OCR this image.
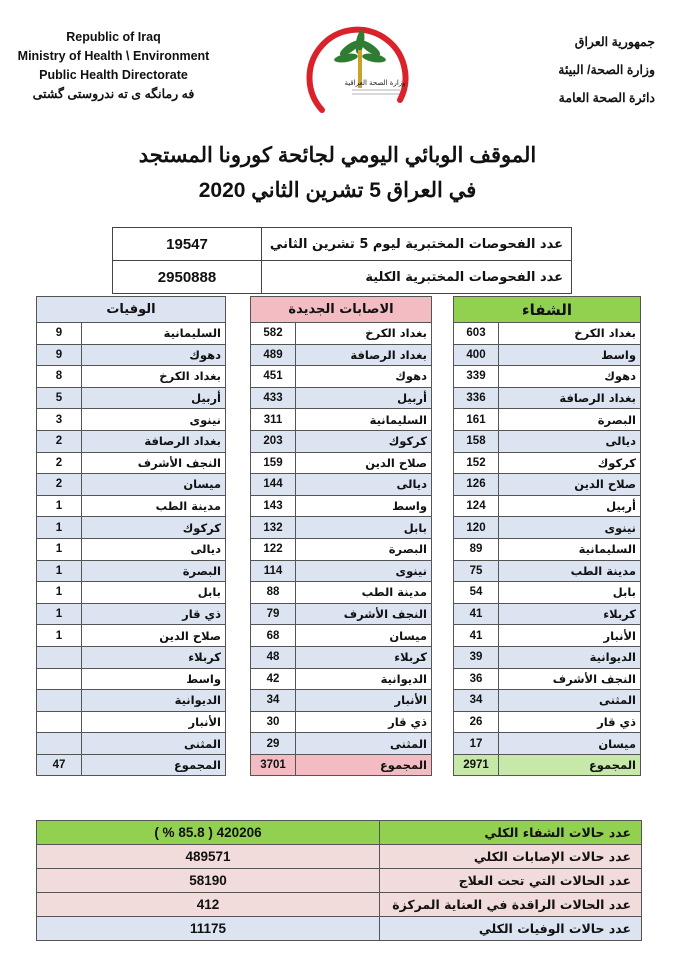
Republic of Iraq
Ministry of Health \ Environment
Public Health Directorate
فه رمانگه ى ته ندروستى گشتى
جمهورية العراق
وزارة الصحة/ البيئة
دائرة الصحة العامة
وزارة الصحة العراقية
الموقف الوبائي اليومي لجائحة كورونا المستجد
في العراق 5 تشرين الثاني 2020
عدد الفحوصات المختبرية ليوم 5 تشرين الثاني	19547
عدد الفحوصات المختبرية الكلية	2950888
الشفاء	
بغداد الكرخ	603
واسط	400
دهوك	339
بغداد الرصافة	336
البصرة	161
ديالى	158
كركوك	152
صلاح الدين	126
أربيل	124
نينوى	120
السليمانية	89
مدينة الطب	75
بابل	54
كربلاء	41
الأنبار	41
الديوانية	39
النجف الأشرف	36
المثنى	34
ذي قار	26
ميسان	17
المجموع	2971
الاصابات الجديدة	
بغداد الكرخ	582
بغداد الرصافة	489
دهوك	451
أربيل	433
السليمانية	311
كركوك	203
صلاح الدين	159
ديالى	144
واسط	143
بابل	132
البصرة	122
نينوى	114
مدينة الطب	88
النجف الأشرف	79
ميسان	68
كربلاء	48
الديوانية	42
الأنبار	34
ذي قار	30
المثنى	29
المجموع	3701
الوفيات	
السليمانية	9
دهوك	9
بغداد الكرخ	8
أربيل	5
نينوى	3
بغداد الرصافة	2
النجف الأشرف	2
ميسان	2
مدينة الطب	1
كركوك	1
ديالى	1
البصرة	1
بابل	1
ذي قار	1
صلاح الدين	1
كربلاء	
واسط	
الديوانية	
الأنبار	
المثنى	
المجموع	47
عدد حالات الشفاء الكلي	420206 ( 85.8 % )
عدد حالات الإصابات الكلي	489571
عدد الحالات التي تحت العلاج	58190
عدد الحالات الراقدة في العناية المركزة	412
عدد حالات الوفيات الكلي	11175
